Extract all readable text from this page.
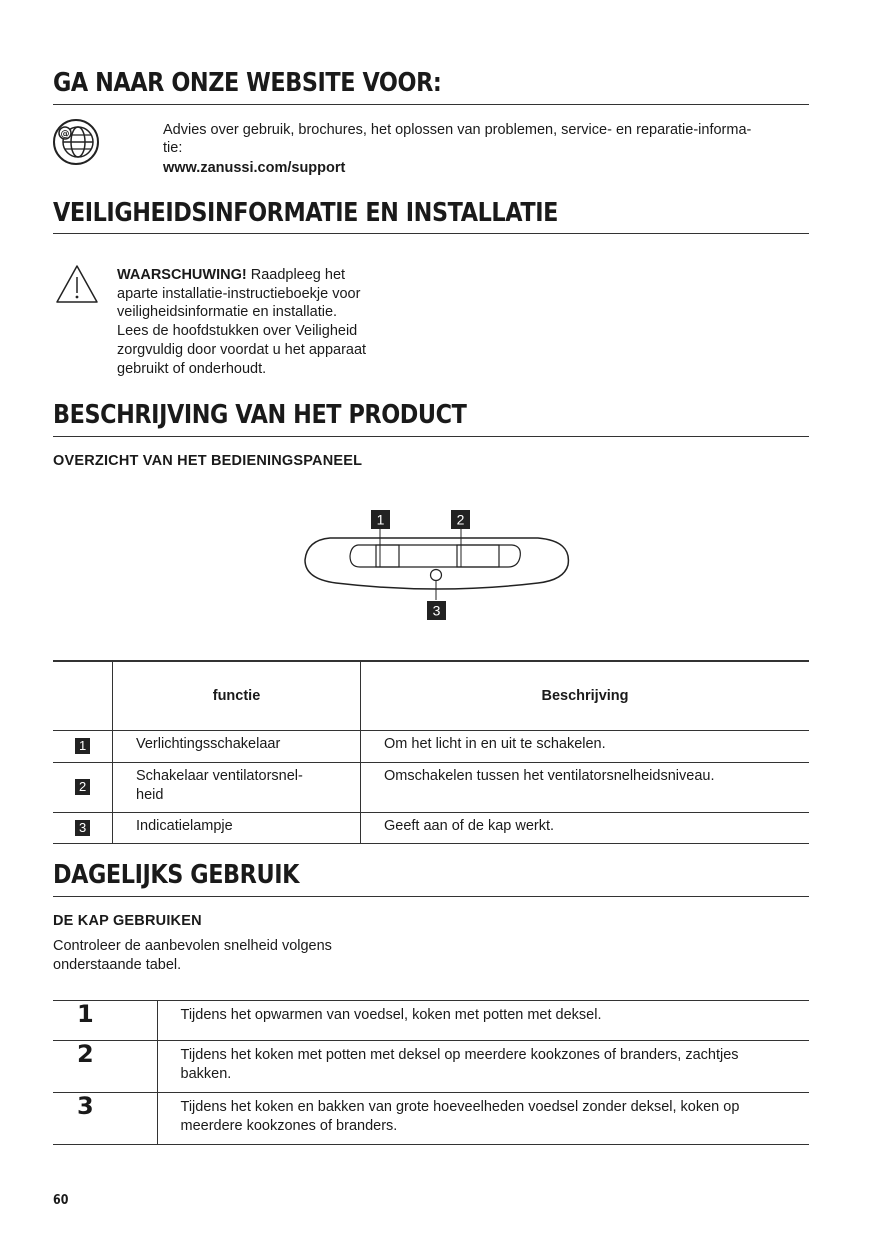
GA NAAR ONZE WEBSITE VOOR:
@	Advies over gebruik, brochures, het oplossen van problemen, service- en reparatie-informa-
tie:
www.zanussi.com/support
VEILIGHEIDSINFORMATIE EN INSTALLATIE
WAARSCHUWING! Raadpleeg het
aparte installatie-instructieboekje voor
veiligheidsinformatie en installatie.
Lees de hoofdstukken over Veiligheid
zorgvuldig door voordat u het apparaat
gebruikt of onderhoudt.
BESCHRIJVING VAN HET PRODUCT
OVERZICHT VAN HET BEDIENINGSPANEEL
1	2
3
	functie	Beschrijving
1	Verlichtingsschakelaar	Om het licht in en uit te schakelen.
2	Schakelaar ventilatorsnel-
heid	Omschakelen tussen het ventilatorsnelheidsniveau.
3	Indicatielampje	Geeft aan of de kap werkt.
DAGELIJKS GEBRUIK
DE KAP GEBRUIKEN
Controleer de aanbevolen snelheid volgens
onderstaande tabel.
1	Tijdens het opwarmen van voedsel, koken met potten met deksel.
2	Tijdens het koken met potten met deksel op meerdere kookzones of branders, zachtjes
bakken.
3	Tijdens het koken en bakken van grote hoeveelheden voedsel zonder deksel, koken op
meerdere kookzones of branders.
60
